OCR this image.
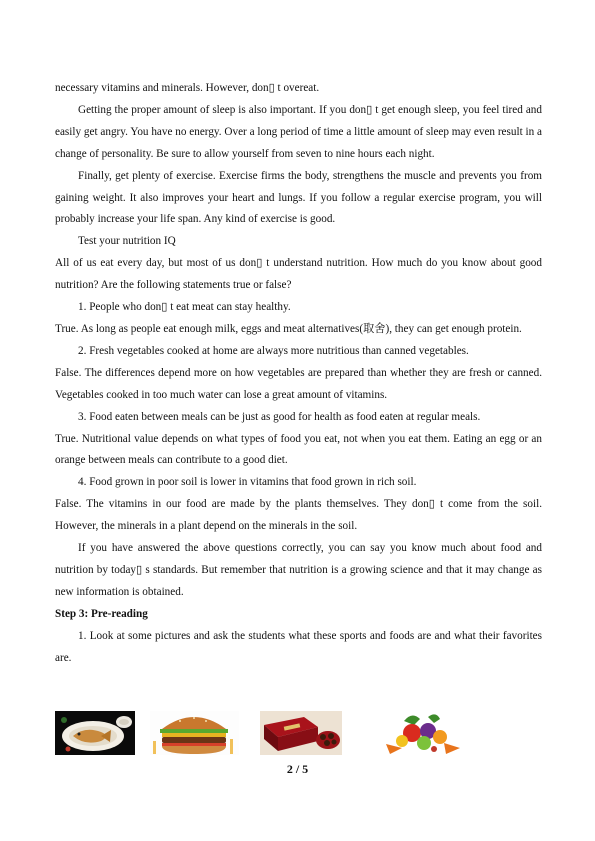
necessary vitamins and minerals. However, don▯ t overeat.

Getting the proper amount of sleep is also important. If you don▯ t get enough sleep, you feel tired and easily get angry. You have no energy. Over a long period of time a little amount of sleep may even result in a change of personality. Be sure to allow yourself from seven to nine hours each night.

Finally, get plenty of exercise. Exercise firms the body, strengthens the muscle and prevents you from gaining weight. It also improves your heart and lungs. If you follow a regular exercise program, you will probably increase your life span. Any kind of exercise is good.

Test your nutrition IQ

All of us eat every day, but most of us don▯ t understand nutrition. How much do you know about good nutrition? Are the following statements true or false?

1. People who don▯ t eat meat can stay healthy.

True. As long as people eat enough milk, eggs and meat alternatives(取舍), they can get enough protein.

2. Fresh vegetables cooked at home are always more nutritious than canned vegetables.

False. The differences depend more on how vegetables are prepared than whether they are fresh or canned. Vegetables cooked in too much water can lose a great amount of vitamins.

3. Food eaten between meals can be just as good for health as food eaten at regular meals.

True. Nutritional value depends on what types of food you eat, not when you eat them. Eating an egg or an orange between meals can contribute to a good diet.

4. Food grown in poor soil is lower in vitamins that food grown in rich soil.

False. The vitamins in our food are made by the plants themselves. They don▯ t come from the soil. However, the minerals in a plant depend on the minerals in the soil.

If you have answered the above questions correctly, you can say you know much about food and nutrition by today▯ s standards. But remember that nutrition is a growing science and that it may change as new information is obtained.

Step 3: Pre-reading

1. Look at some pictures and ask the students what these sports and foods are and what their favorites are.

2 / 5
